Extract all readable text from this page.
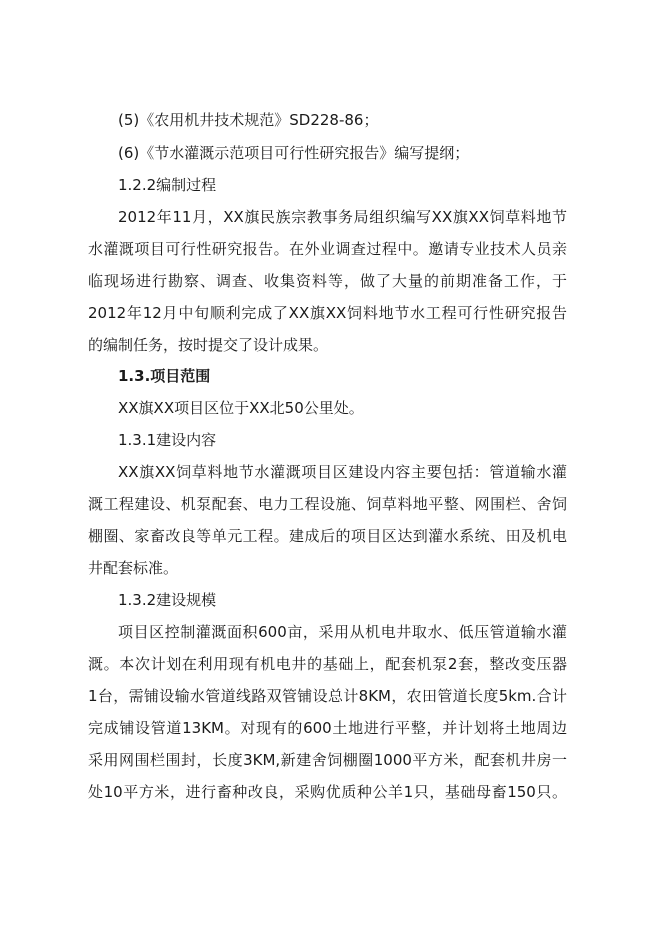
(5)《农用机井技术规范》SD228-86；
(6)《节水灌溉示范项目可行性研究报告》编写提纲；
1.2.2编制过程
2012年11月，XX旗民族宗教事务局组织编写XX旗XX饲草料地节
水灌溉项目可行性研究报告。在外业调查过程中。邀请专业技术人员亲
临现场进行勘察、调查、收集资料等，做了大量的前期准备工作，于
2012年12月中旬顺利完成了XX旗XX饲料地节水工程可行性研究报告
的编制任务，按时提交了设计成果。
1.3.项目范围
XX旗XX项目区位于XX北50公里处。
1.3.1建设内容
XX旗XX饲草料地节水灌溉项目区建设内容主要包括：管道输水灌
溉工程建设、机泵配套、电力工程设施、饲草料地平整、网围栏、舍饲
棚圈、家畜改良等单元工程。建成后的项目区达到灌水系统、田及机电
井配套标准。
1.3.2建设规模
项目区控制灌溉面积600亩，采用从机电井取水、低压管道输水灌
溉。本次计划在利用现有机电井的基础上，配套机泵2套，整改变压器
1台，需铺设输水管道线路双管铺设总计8KM，农田管道长度5km.合计
完成铺设管道13KM。对现有的600土地进行平整，并计划将土地周边
采用网围栏围封，长度3KM,新建舍饲棚圈1000平方米，配套机井房一
处10平方米，进行畜种改良，采购优质种公羊1只，基础母畜150只。
